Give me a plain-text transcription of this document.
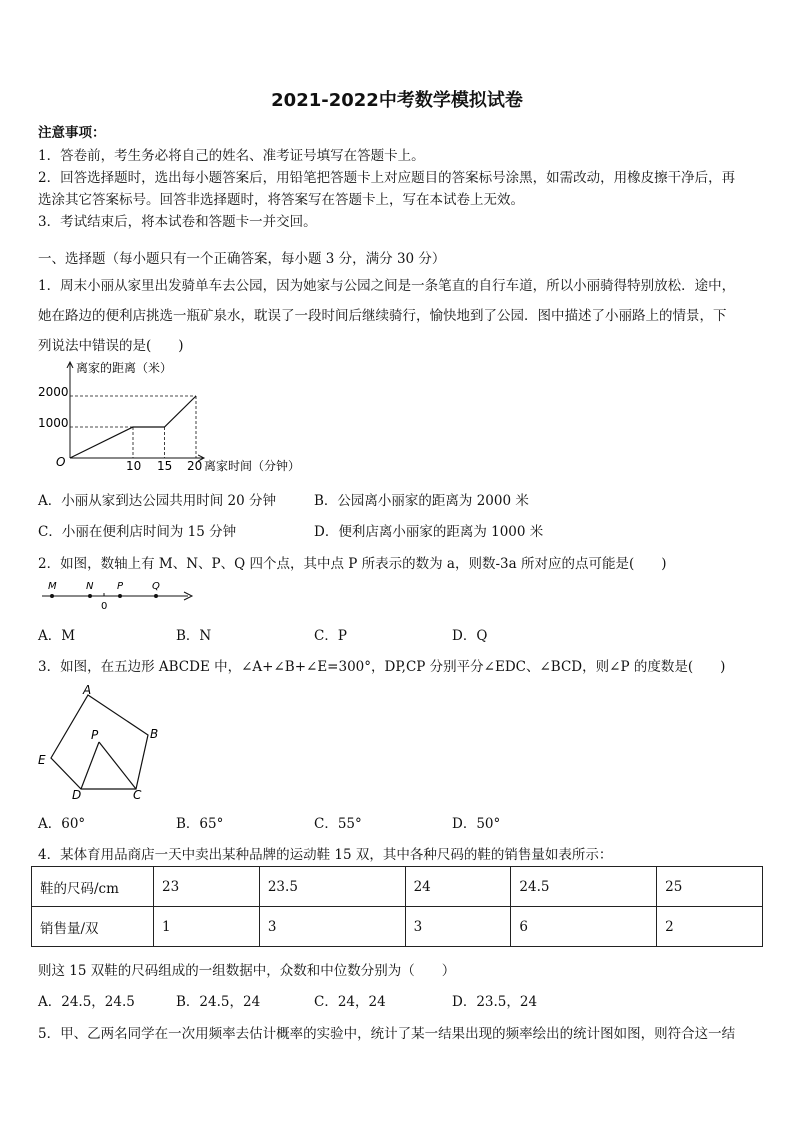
2021-2022中考数学模拟试卷
注意事项：
1．答卷前，考生务必将自己的姓名、准考证号填写在答题卡上。
2．回答选择题时，选出每小题答案后，用铅笔把答题卡上对应题目的答案标号涂黑，如需改动，用橡皮擦干净后，再
选涂其它答案标号。回答非选择题时，将答案写在答题卡上，写在本试卷上无效。
3．考试结束后，将本试卷和答题卡一并交回。
一、选择题（每小题只有一个正确答案，每小题 3 分，满分 30 分）
1．周末小丽从家里出发骑单车去公园，因为她家与公园之间是一条笔直的自行车道，所以小丽骑得特别放松．途中，
她在路边的便利店挑选一瓶矿泉水，耽误了一段时间后继续骑行，愉快地到了公园．图中描述了小丽路上的情景，下
列说法中错误的是(　　)
离家的距离（米）
离家时间（分钟）
O
1000
2000
10 15 20
A．小丽从家到达公园共用时间 20 分钟	B．公园离小丽家的距离为 2000 米
C．小丽在便利店时间为 15 分钟	D．便利店离小丽家的距离为 1000 米
2．如图，数轴上有 M、N、P、Q 四个点，其中点 P 所表示的数为 a，则数-3a 所对应的点可能是(　　)
M	N P	Q
0
A．M	B．N	C．P	D．Q
3．如图，在五边形 ABCDE 中，∠A+∠B+∠E=300°，DP,CP 分别平分∠EDC、∠BCD，则∠P 的度数是(　　)
A
B
C
D
E
P
A．60°	B．65°	C．55°	D．50°
4．某体育用品商店一天中卖出某种品牌的运动鞋 15 双，其中各种尺码的鞋的销售量如表所示：
鞋的尺码/cm	23	23.5	24	24.5	25
销售量/双	1	3	3	6	2
则这 15 双鞋的尺码组成的一组数据中，众数和中位数分别为（　　）
A．24.5，24.5	B．24.5，24	C．24，24	D．23.5，24
5．甲、乙两名同学在一次用频率去估计概率的实验中，统计了某一结果出现的频率绘出的统计图如图，则符合这一结
